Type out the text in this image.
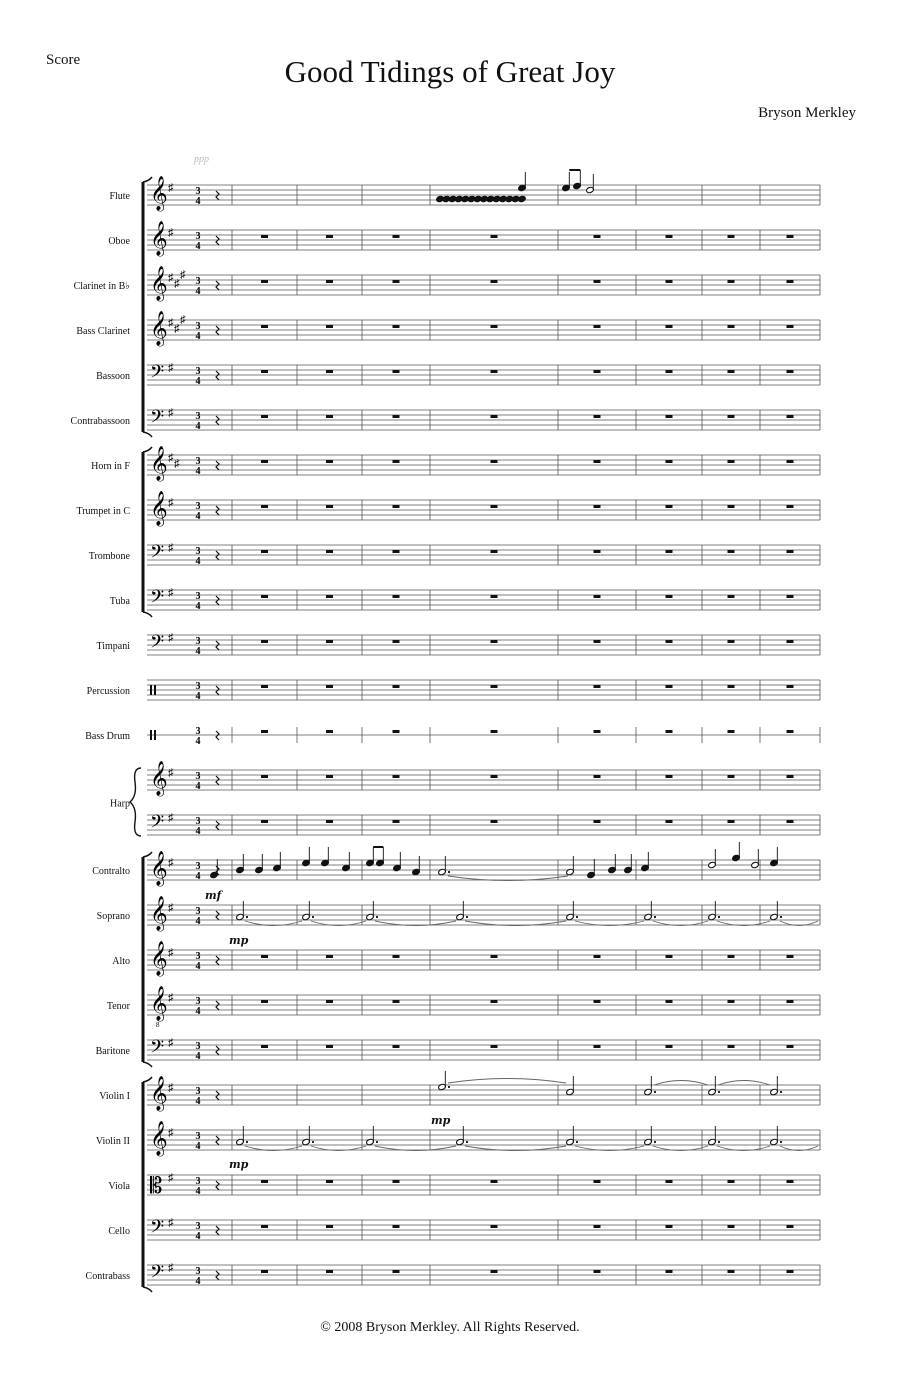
Score	Good Tidings of Great Joy
Bryson Merkley
ppp
Flute 𝄞 ♯ 3
4
Oboe 𝄞 ♯ 3
4
Clarinet in B♭ 𝄞 ♯ ♯
♯
3
4
Bass Clarinet 𝄞 ♯ ♯
♯
3
4
Bassoon 𝄢 ♯ 3
4
Contrabassoon 𝄢 ♯ 3
4
Horn in F 𝄞 ♯ ♯ 3
4
Trumpet in C 𝄞 ♯ 3
4
Trombone 𝄢 ♯ 3
4
Tuba 𝄢 ♯ 3
4
Timpani 𝄢 ♯ 3
4
Percussion	3
4
Bass Drum	3
4
Harp
𝄞 ♯ 3
4
𝄢 ♯ 3
4
Contralto 𝄞 ♯ 3
4
Soprano 𝄞 ♯ 3
4
Alto 𝄞 ♯ 3
4
Tenor 𝄞
8
♯ 3
4
Baritone 𝄢 ♯ 3
4
Violin I 𝄞 ♯ 3
4
Violin II 𝄞 ♯ 3
4
Viola 𝄡 ♯ 3
4
Cello 𝄢 ♯ 3
4
Contrabass 𝄢 ♯ 3
4
mf
mp
mp
mp
© 2008 Bryson Merkley. All Rights Reserved.
